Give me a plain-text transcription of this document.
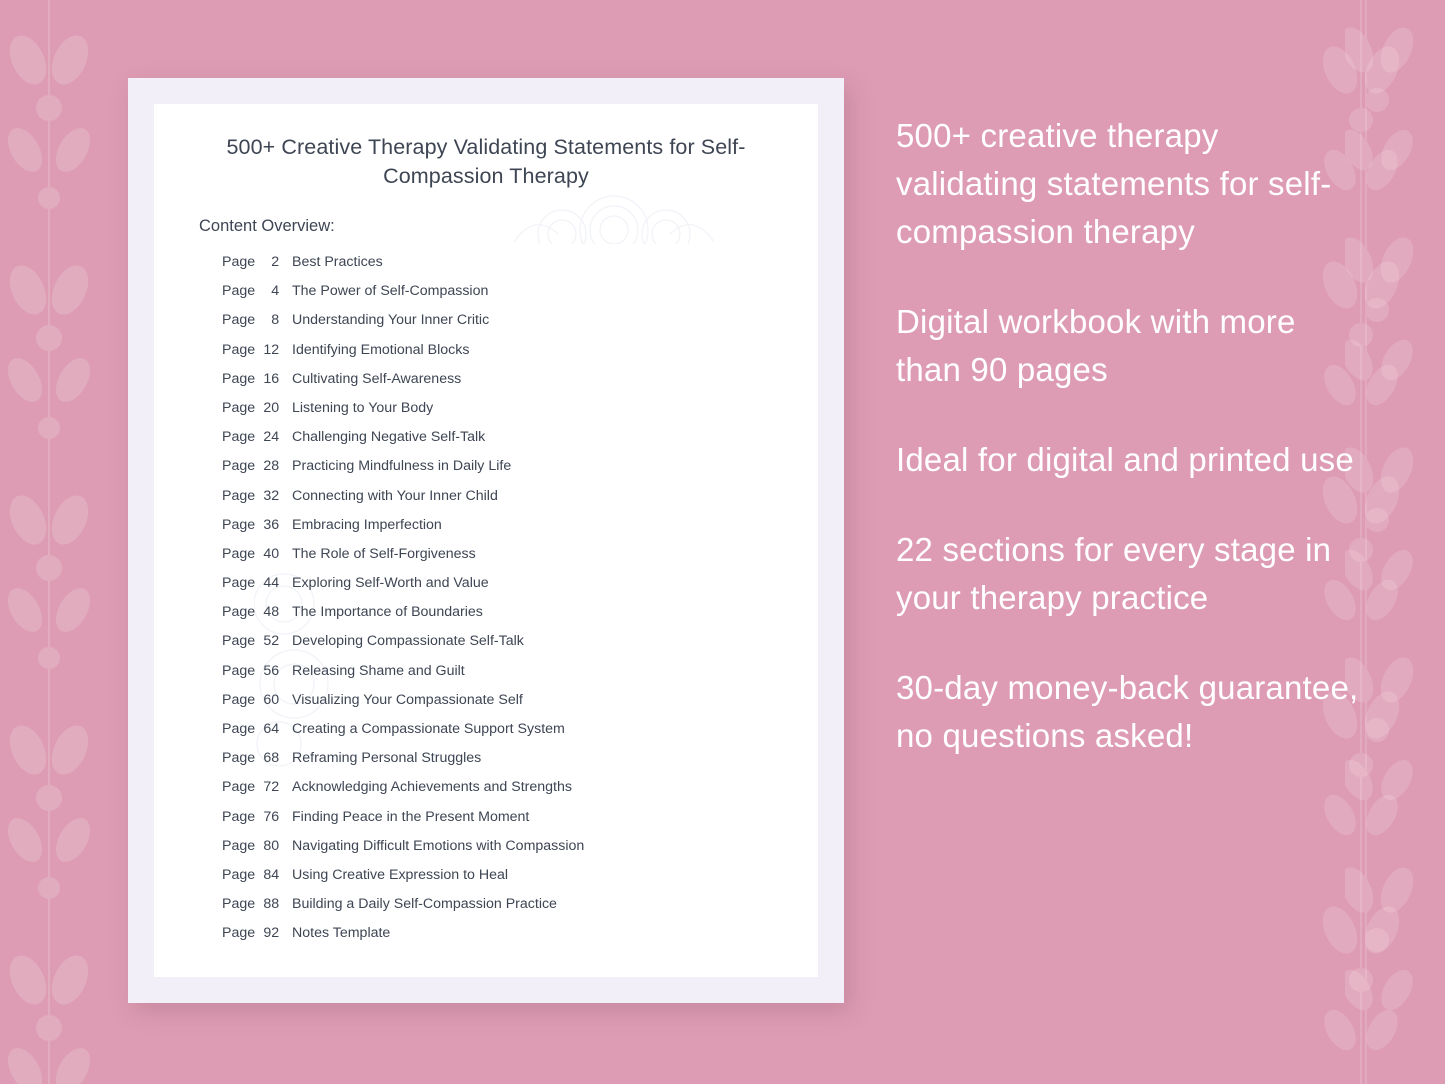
500+ Creative Therapy Validating Statements for Self-Compassion Therapy
Content Overview:
Page 2 Best Practices
Page 4 The Power of Self-Compassion
Page 8 Understanding Your Inner Critic
Page 12 Identifying Emotional Blocks
Page 16 Cultivating Self-Awareness
Page 20 Listening to Your Body
Page 24 Challenging Negative Self-Talk
Page 28 Practicing Mindfulness in Daily Life
Page 32 Connecting with Your Inner Child
Page 36 Embracing Imperfection
Page 40 The Role of Self-Forgiveness
Page 44 Exploring Self-Worth and Value
Page 48 The Importance of Boundaries
Page 52 Developing Compassionate Self-Talk
Page 56 Releasing Shame and Guilt
Page 60 Visualizing Your Compassionate Self
Page 64 Creating a Compassionate Support System
Page 68 Reframing Personal Struggles
Page 72 Acknowledging Achievements and Strengths
Page 76 Finding Peace in the Present Moment
Page 80 Navigating Difficult Emotions with Compassion
Page 84 Using Creative Expression to Heal
Page 88 Building a Daily Self-Compassion Practice
Page 92 Notes Template

500+ creative therapy validating statements for self-compassion therapy

Digital workbook with more than 90 pages

Ideal for digital and printed use

22 sections for every stage in your therapy practice

30-day money-back guarantee, no questions asked!
